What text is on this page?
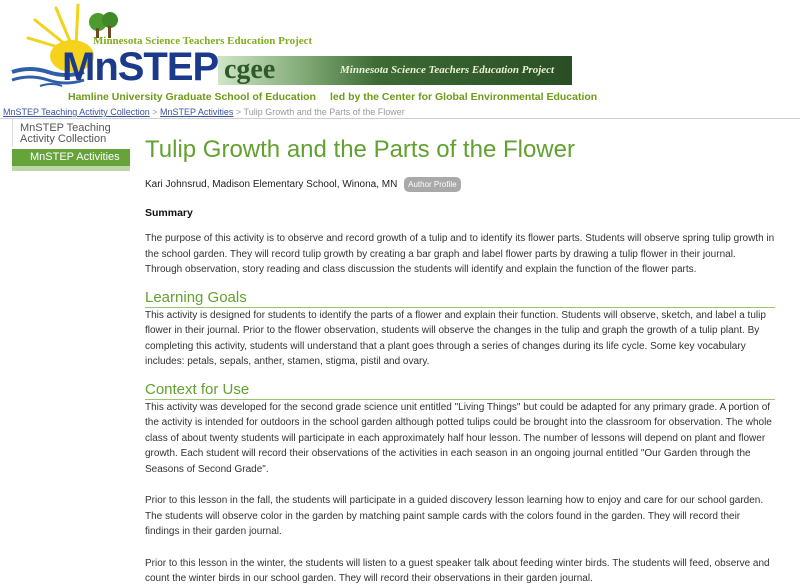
Minnesota Science Teachers Education Project
MnSTEP
Hamline University Graduate School of Education
cgee	Minnesota Science Teachers Education Project
led by the Center for Global Environmental Education
MnSTEP Teaching Activity Collection > MnSTEP Activities > Tulip Growth and the Parts of the Flower
MnSTEP Teaching
Activity Collection
MnSTEP Activities	Tulip Growth and the Parts of the Flower
Kari Johnsrud, Madison Elementary School, Winona, MN Author Profile
Summary

The purpose of this activity is to observe and record growth of a tulip and to identify its flower parts. Students will observe spring tulip growth in the school garden. They will record tulip growth by creating a bar graph and label flower parts by drawing a tulip flower in their journal. Through observation, story reading and class discussion the students will identify and explain the function of the flower parts.

Learning Goals

This activity is designed for students to identify the parts of a flower and explain their function. Students will observe, sketch, and label a tulip flower in their journal. Prior to the flower observation, students will observe the changes in the tulip and graph the growth of a tulip plant. By completing this activity, students will understand that a plant goes through a series of changes during its life cycle. Some key vocabulary includes: petals, sepals, anther, stamen, stigma, pistil and ovary.

Context for Use

This activity was developed for the second grade science unit entitled "Living Things" but could be adapted for any primary grade. A portion of the activity is intended for outdoors in the school garden although potted tulips could be brought into the classroom for observation. The whole class of about twenty students will participate in each approximately half hour lesson. The number of lessons will depend on plant and flower growth. Each student will record their observations of the activities in each season in an ongoing journal entitled "Our Garden through the Seasons of Second Grade".

Prior to this lesson in the fall, the students will participate in a guided discovery lesson learning how to enjoy and care for our school garden. The students will observe color in the garden by matching paint sample cards with the colors found in the garden. They will record their findings in their garden journal.

Prior to this lesson in the winter, the students will listen to a guest speaker talk about feeding winter birds. The students will feed, observe and count the winter birds in our school garden. They will record their observations in their garden journal.
